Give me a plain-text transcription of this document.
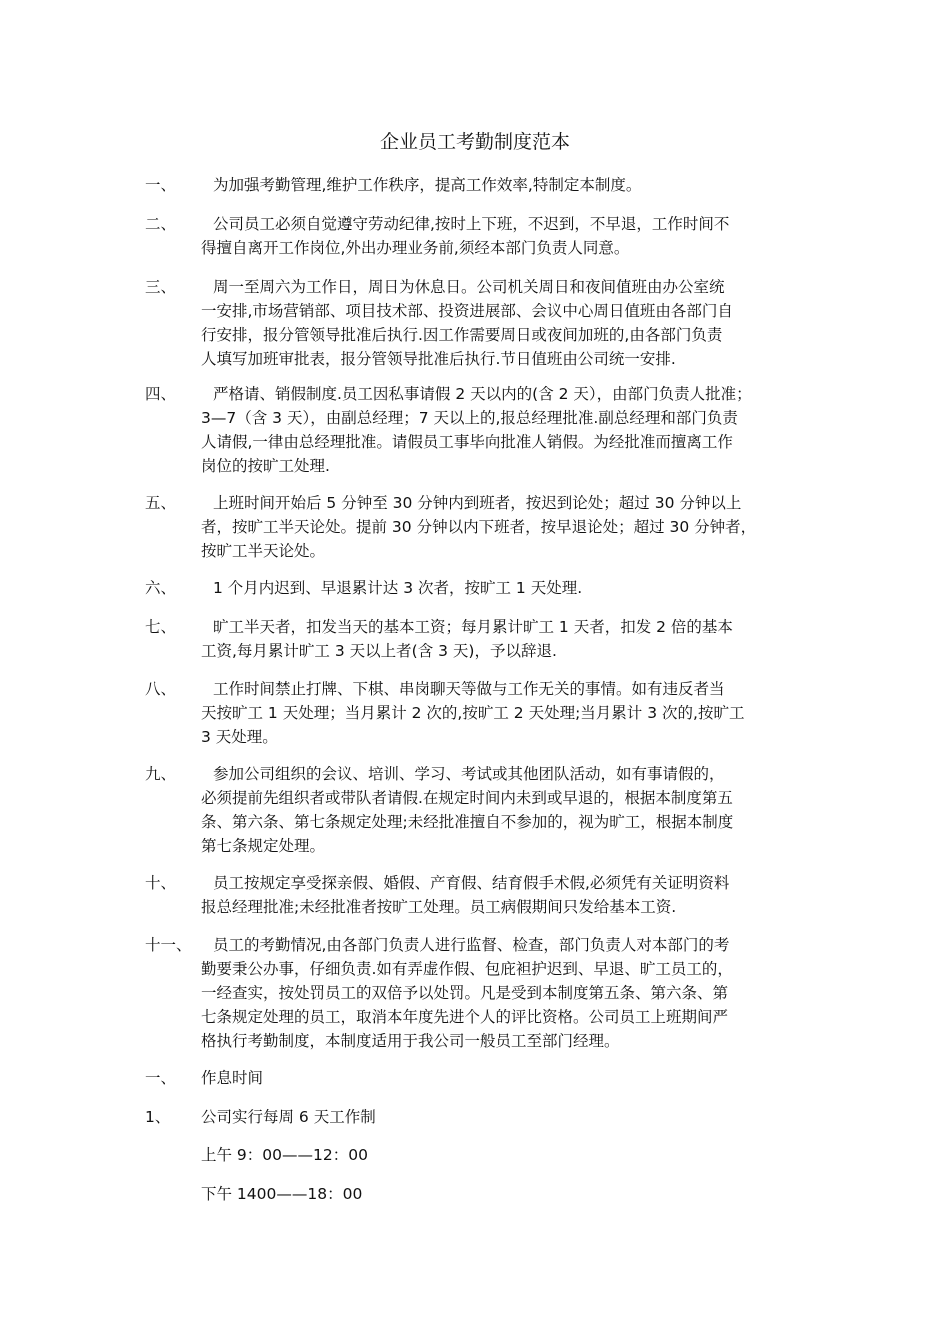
企业员工考勤制度范本
一、	为加强考勤管理,维护工作秩序，提高工作效率,特制定本制度。
二、	公司员工必须自觉遵守劳动纪律,按时上下班，不迟到，不早退，工作时间不
得擅自离开工作岗位,外出办理业务前,须经本部门负责人同意。
三、	周一至周六为工作日，周日为休息日。公司机关周日和夜间值班由办公室统
一安排,市场营销部、项目技术部、投资进展部、会议中心周日值班由各部门自
行安排，报分管领导批准后执行.因工作需要周日或夜间加班的,由各部门负责
人填写加班审批表，报分管领导批准后执行.节日值班由公司统一安排.
四、	严格请、销假制度.员工因私事请假 2 天以内的(含 2 天），由部门负责人批准；
3—7（含 3 天），由副总经理；7 天以上的,报总经理批准.副总经理和部门负责
人请假,一律由总经理批准。请假员工事毕向批准人销假。为经批准而擅离工作
岗位的按旷工处理.
五、	上班时间开始后 5 分钟至 30 分钟内到班者，按迟到论处；超过 30 分钟以上
者，按旷工半天论处。提前 30 分钟以内下班者，按早退论处；超过 30 分钟者，
按旷工半天论处。
六、	1 个月内迟到、早退累计达 3 次者，按旷工 1 天处理.
七、	旷工半天者，扣发当天的基本工资；每月累计旷工 1 天者，扣发 2 倍的基本
工资,每月累计旷工 3 天以上者(含 3 天)，予以辞退.
八、	工作时间禁止打牌、下棋、串岗聊天等做与工作无关的事情。如有违反者当
天按旷工 1 天处理；当月累计 2 次的,按旷工 2 天处理;当月累计 3 次的,按旷工
3 天处理。
九、	参加公司组织的会议、培训、学习、考试或其他团队活动，如有事请假的，
必须提前先组织者或带队者请假.在规定时间内未到或早退的，根据本制度第五
条、第六条、第七条规定处理;未经批准擅自不参加的，视为旷工，根据本制度
第七条规定处理。
十、	员工按规定享受探亲假、婚假、产育假、结育假手术假,必须凭有关证明资料
报总经理批准;未经批准者按旷工处理。员工病假期间只发给基本工资.
十一、	员工的考勤情况,由各部门负责人进行监督、检查，部门负责人对本部门的考
勤要秉公办事，仔细负责.如有弄虚作假、包庇袒护迟到、早退、旷工员工的，
一经查实，按处罚员工的双倍予以处罚。凡是受到本制度第五条、第六条、第
七条规定处理的员工，取消本年度先进个人的评比资格。公司员工上班期间严
格执行考勤制度，本制度适用于我公司一般员工至部门经理。
一、 作息时间
1、 公司实行每周 6 天工作制
上午 9：00——12：00
下午 1400——18：00
